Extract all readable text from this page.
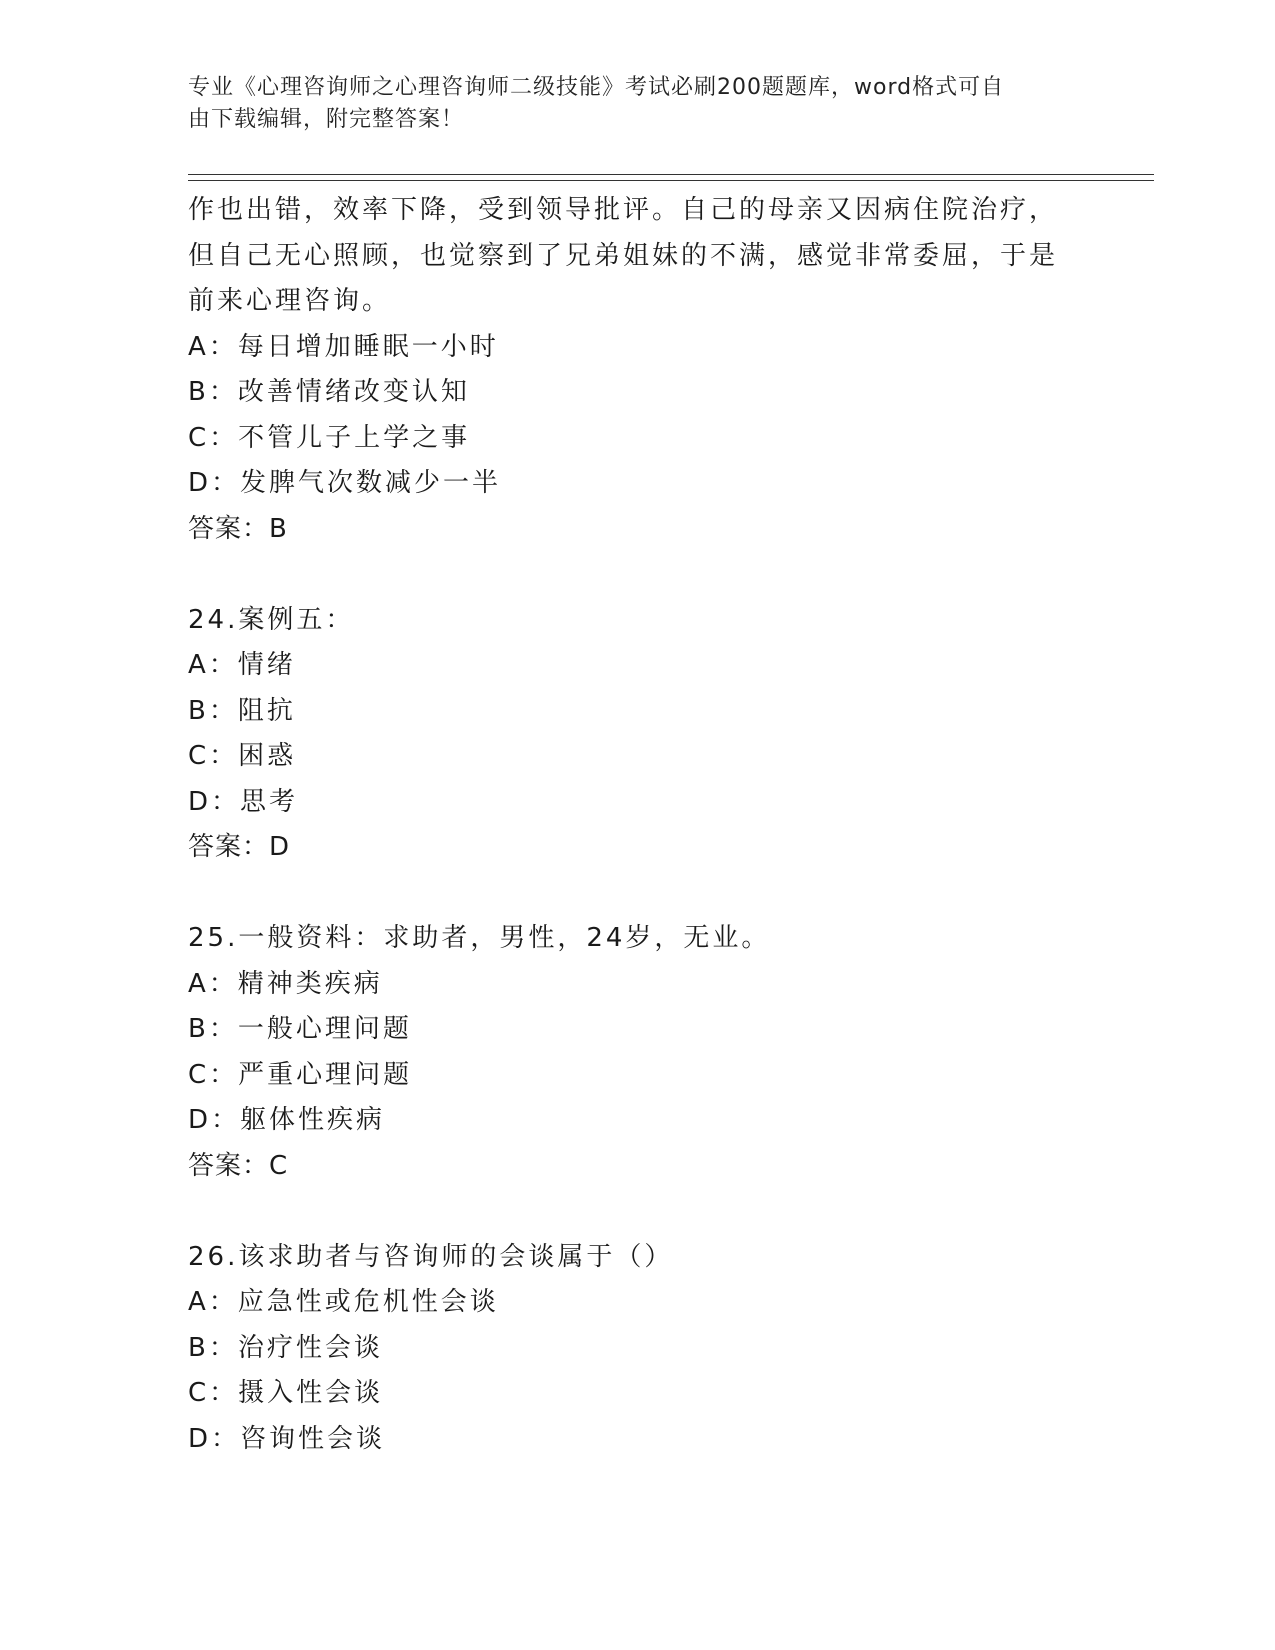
专业《心理咨询师之心理咨询师二级技能》考试必刷200题题库，word格式可自
由下载编辑，附完整答案！

作也出错，效率下降，受到领导批评。自己的母亲又因病住院治疗，

但自己无心照顾，也觉察到了兄弟姐妹的不满，感觉非常委屈，于是

前来心理咨询。

A：每日增加睡眠一小时

B：改善情绪改变认知

C：不管儿子上学之事

D：发脾气次数减少一半

答案：B

24.案例五：

A：情绪

B：阻抗

C：困惑

D：思考

答案：D

25.一般资料：求助者，男性，24岁，无业。

A：精神类疾病

B：一般心理问题

C：严重心理问题

D：躯体性疾病

答案：C

26.该求助者与咨询师的会谈属于（）

A：应急性或危机性会谈

B：治疗性会谈

C：摄入性会谈

D：咨询性会谈
